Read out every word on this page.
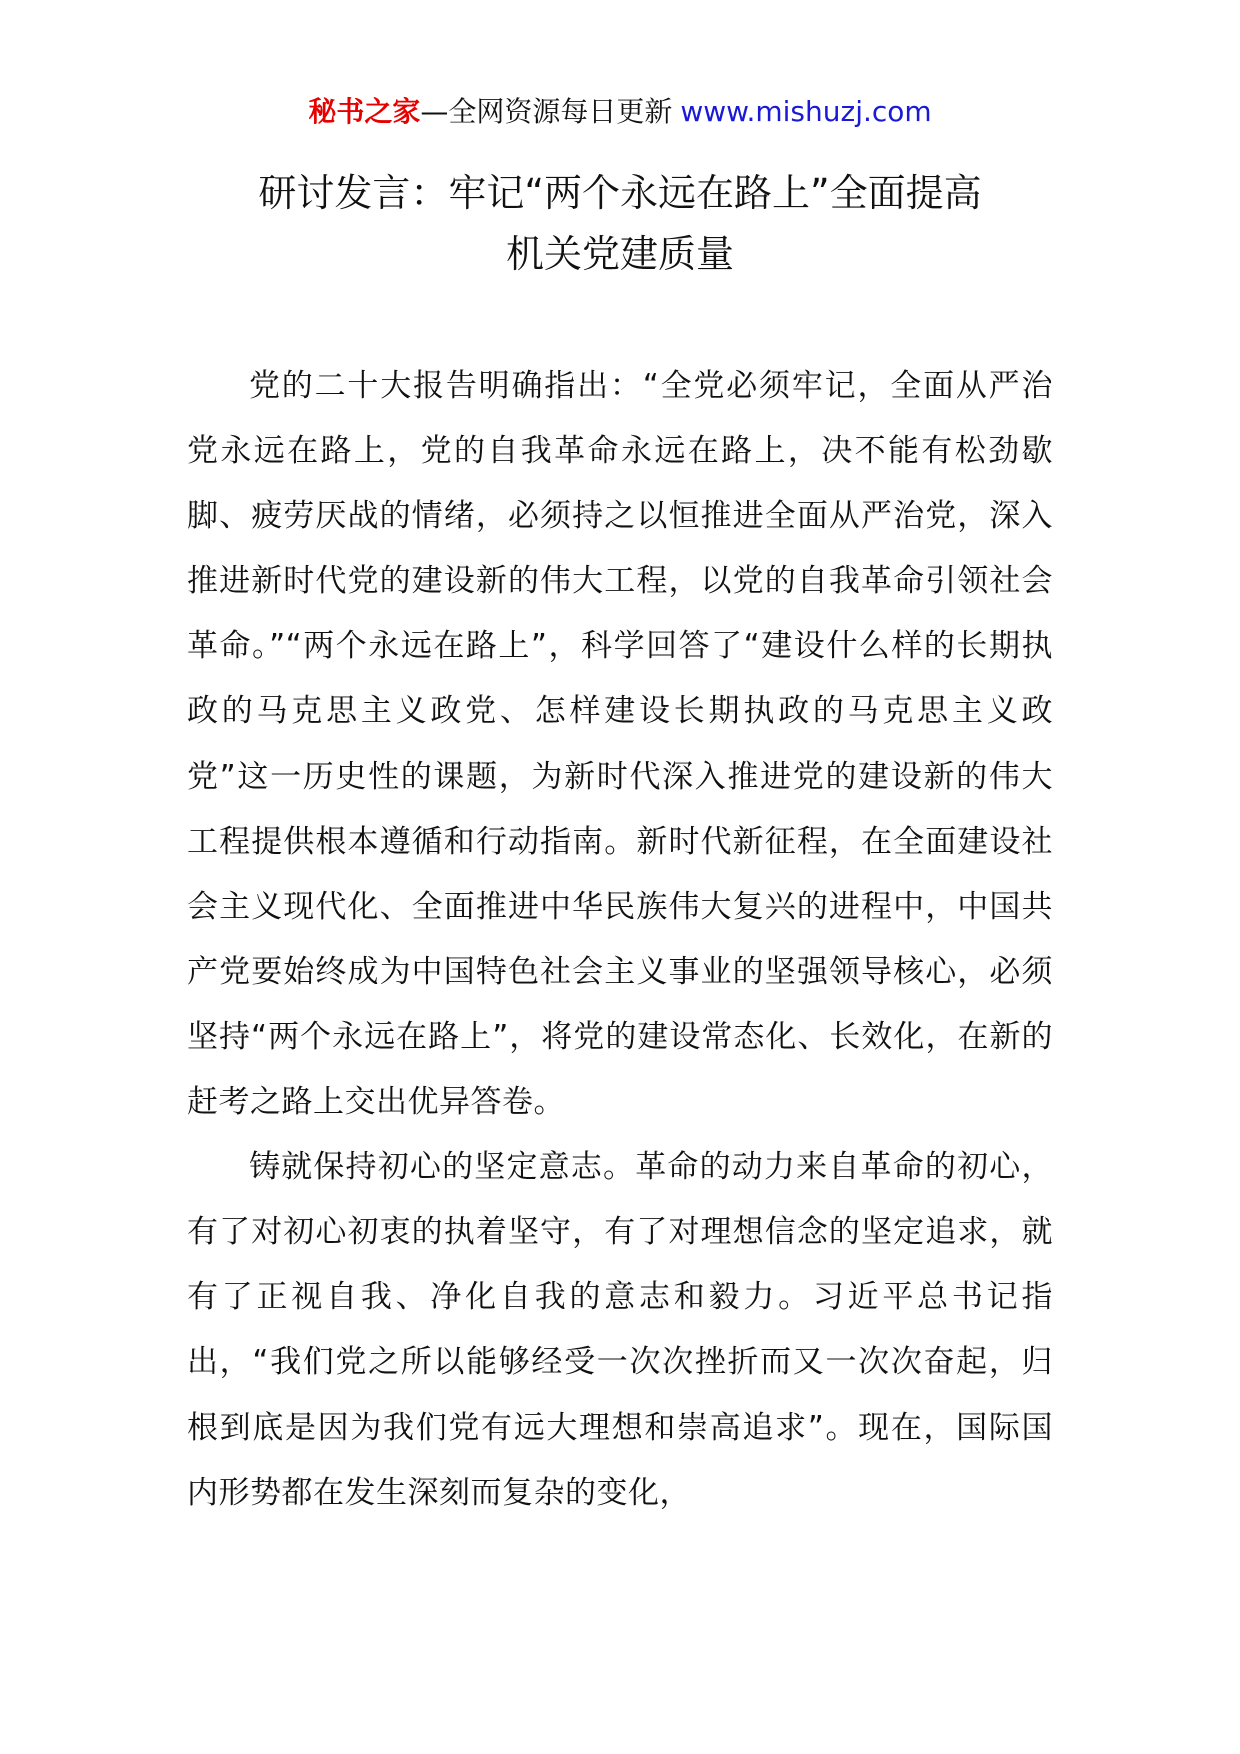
秘书之家—全网资源每日更新 www.mishuzj.com
研讨发言：牢记“两个永远在路上”全面提高
机关党建质量

党的二十大报告明确指出：“全党必须牢记，全面从严治党永远在路上，党的自我革命永远在路上，决不能有松劲歇脚、疲劳厌战的情绪，必须持之以恒推进全面从严治党，深入推进新时代党的建设新的伟大工程，以党的自我革命引领社会革命。”“两个永远在路上”，科学回答了“建设什么样的长期执政的马克思主义政党、怎样建设长期执政的马克思主义政党”这一历史性的课题，为新时代深入推进党的建设新的伟大工程提供根本遵循和行动指南。新时代新征程，在全面建设社会主义现代化、全面推进中华民族伟大复兴的进程中，中国共产党要始终成为中国特色社会主义事业的坚强领导核心，必须坚持“两个永远在路上”，将党的建设常态化、长效化，在新的赶考之路上交出优异答卷。

铸就保持初心的坚定意志。革命的动力来自革命的初心，有了对初心初衷的执着坚守，有了对理想信念的坚定追求，就有了正视自我、净化自我的意志和毅力。习近平总书记指出，“我们党之所以能够经受一次次挫折而又一次次奋起，归根到底是因为我们党有远大理想和崇高追求”。现在，国际国内形势都在发生深刻而复杂的变化，
